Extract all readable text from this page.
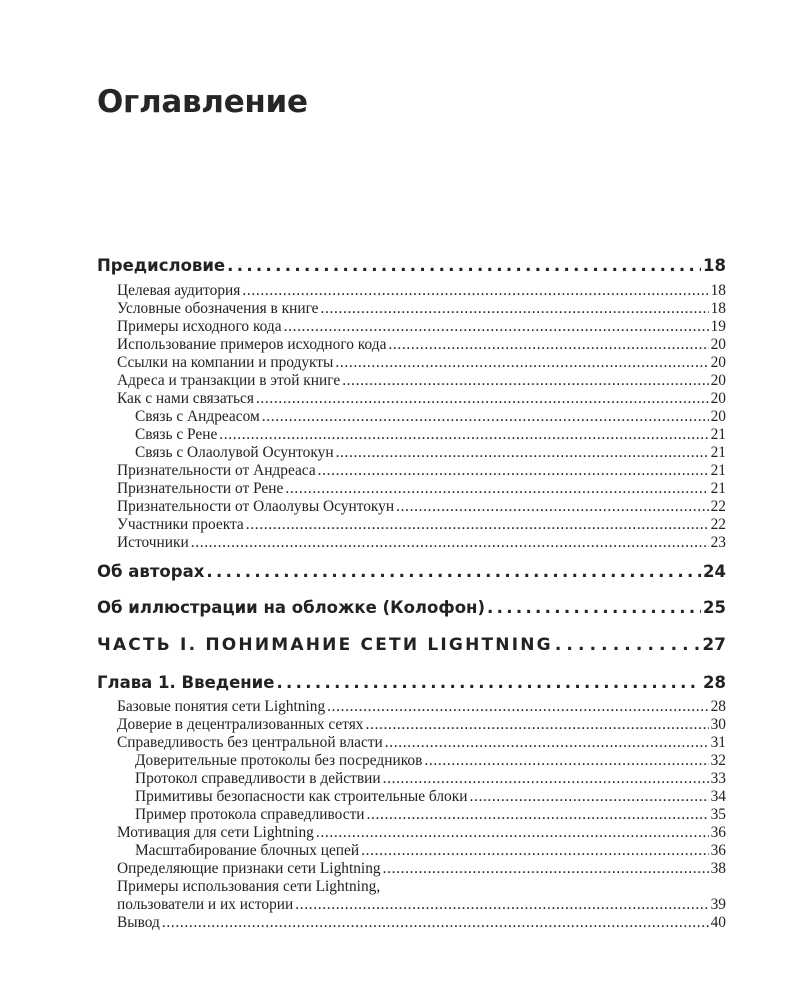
Оглавление
Предисловие . . .	18
Целевая аудитория . . .	18
Условные обозначения в книге . . .	18
Примеры исходного кода . . .	19
Использование примеров исходного кода . . .	20
Ссылки на компании и продукты . . .	20
Адреса и транзакции в этой книге . . .	20
Как с нами связаться . . .	20
Связь с Андреасом . . .	20
Связь с Рене . . .	21
Связь с Олаолувой Осунтокун . . .	21
Признательности от Андреаса . . .	21
Признательности от Рене . . .	21
Признательности от Олаолувы Осунтокун . . .	22
Участники проекта . . .	22
Источники . . .	23
Об авторах . . .	24
Об иллюстрации на обложке (Колофон) . . .	25
ЧАСТЬ I. ПОНИМАНИЕ СЕТИ LIGHTNING . . .	27
Глава 1. Введение . . .	28
Базовые понятия сети Lightning . . .	28
Доверие в децентрализованных сетях . . .	30
Справедливость без центральной власти . . .	31
Доверительные протоколы без посредников . . .	32
Протокол справедливости в действии . . .	33
Примитивы безопасности как строительные блоки . . .	34
Пример протокола справедливости . . .	35
Мотивация для сети Lightning . . .	36
Масштабирование блочных цепей . . .	36
Определяющие признаки сети Lightning . . .	38
Примеры использования сети Lightning,
пользователи и их истории . . .	39
Вывод . . .	40
